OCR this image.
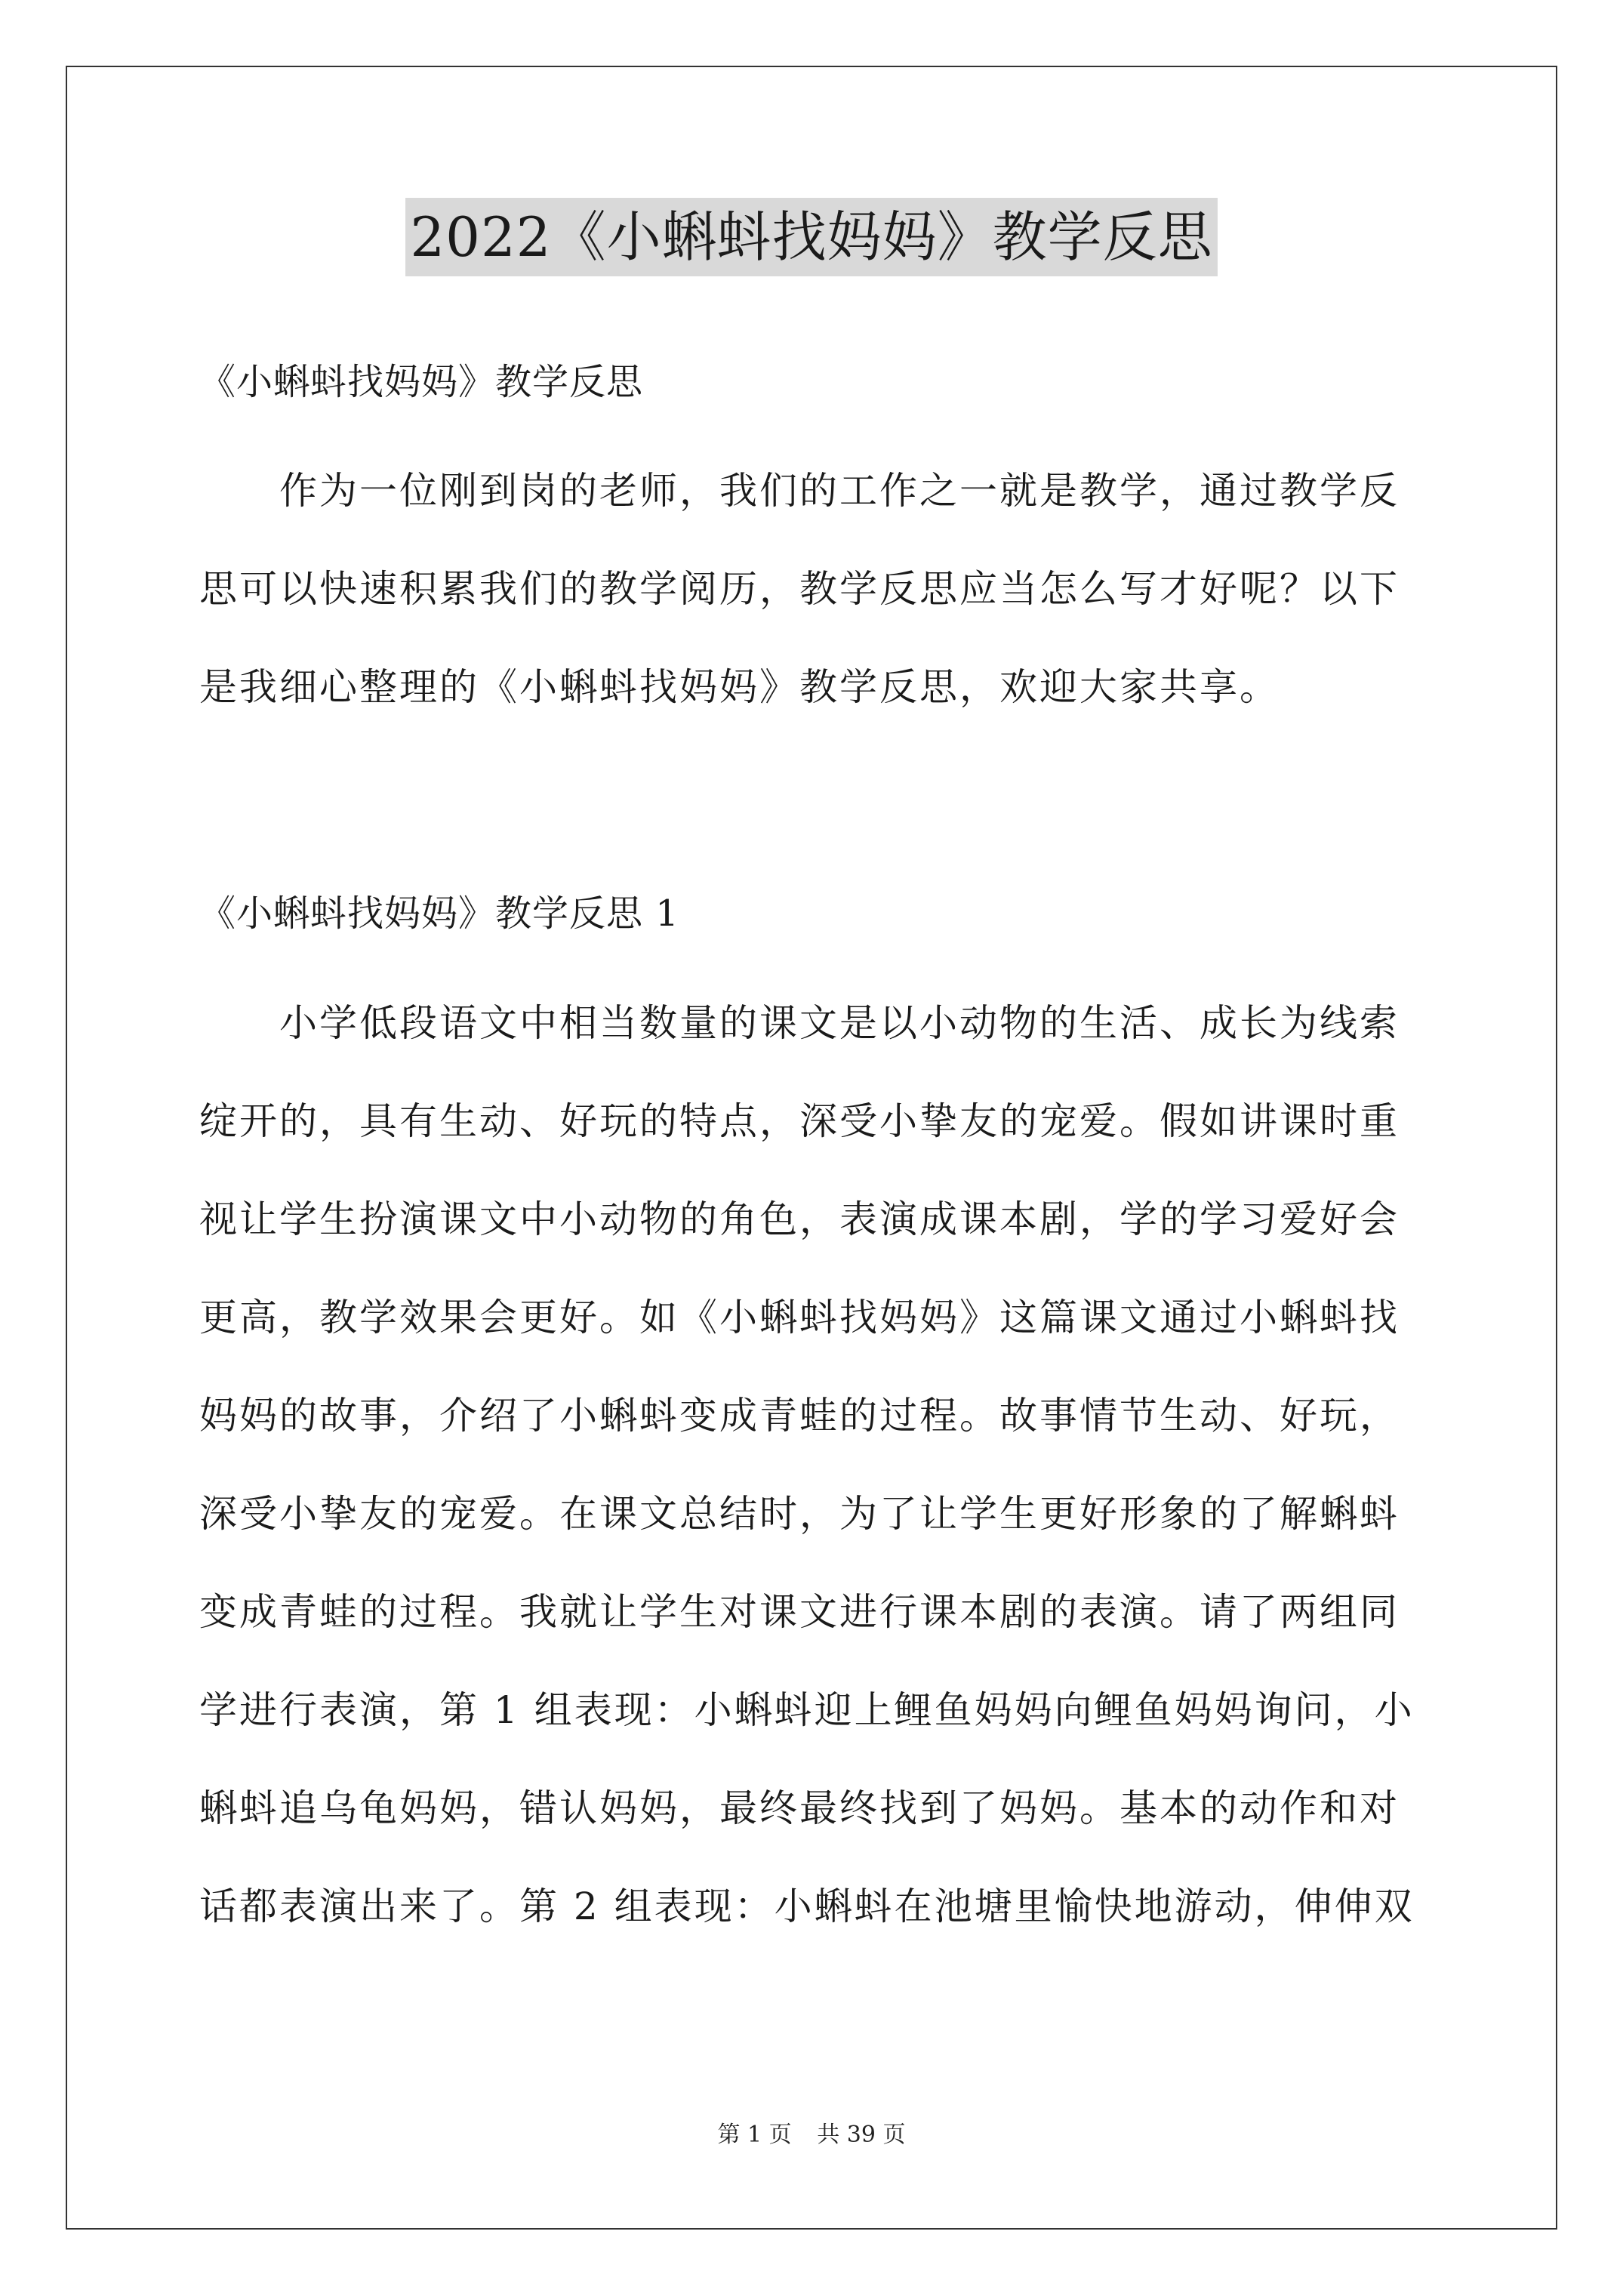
2022《小蝌蚪找妈妈》教学反思
《小蝌蚪找妈妈》教学反思
　　作为一位刚到岗的老师，我们的工作之一就是教学，通过教学反
思可以快速积累我们的教学阅历，教学反思应当怎么写才好呢？以下
是我细心整理的《小蝌蚪找妈妈》教学反思，欢迎大家共享。
《小蝌蚪找妈妈》教学反思 1
　　小学低段语文中相当数量的课文是以小动物的生活、成长为线索
绽开的，具有生动、好玩的特点，深受小挚友的宠爱。假如讲课时重
视让学生扮演课文中小动物的角色，表演成课本剧，学的学习爱好会
更高，教学效果会更好。如《小蝌蚪找妈妈》这篇课文通过小蝌蚪找
妈妈的故事，介绍了小蝌蚪变成青蛙的过程。故事情节生动、好玩，
深受小挚友的宠爱。在课文总结时，为了让学生更好形象的了解蝌蚪
变成青蛙的过程。我就让学生对课文进行课本剧的表演。请了两组同
学进行表演，第 1 组表现：小蝌蚪迎上鲤鱼妈妈向鲤鱼妈妈询问，小
蝌蚪追乌龟妈妈，错认妈妈，最终最终找到了妈妈。基本的动作和对
话都表演出来了。第 2 组表现：小蝌蚪在池塘里愉快地游动，伸伸双
第 1 页 共 39 页
